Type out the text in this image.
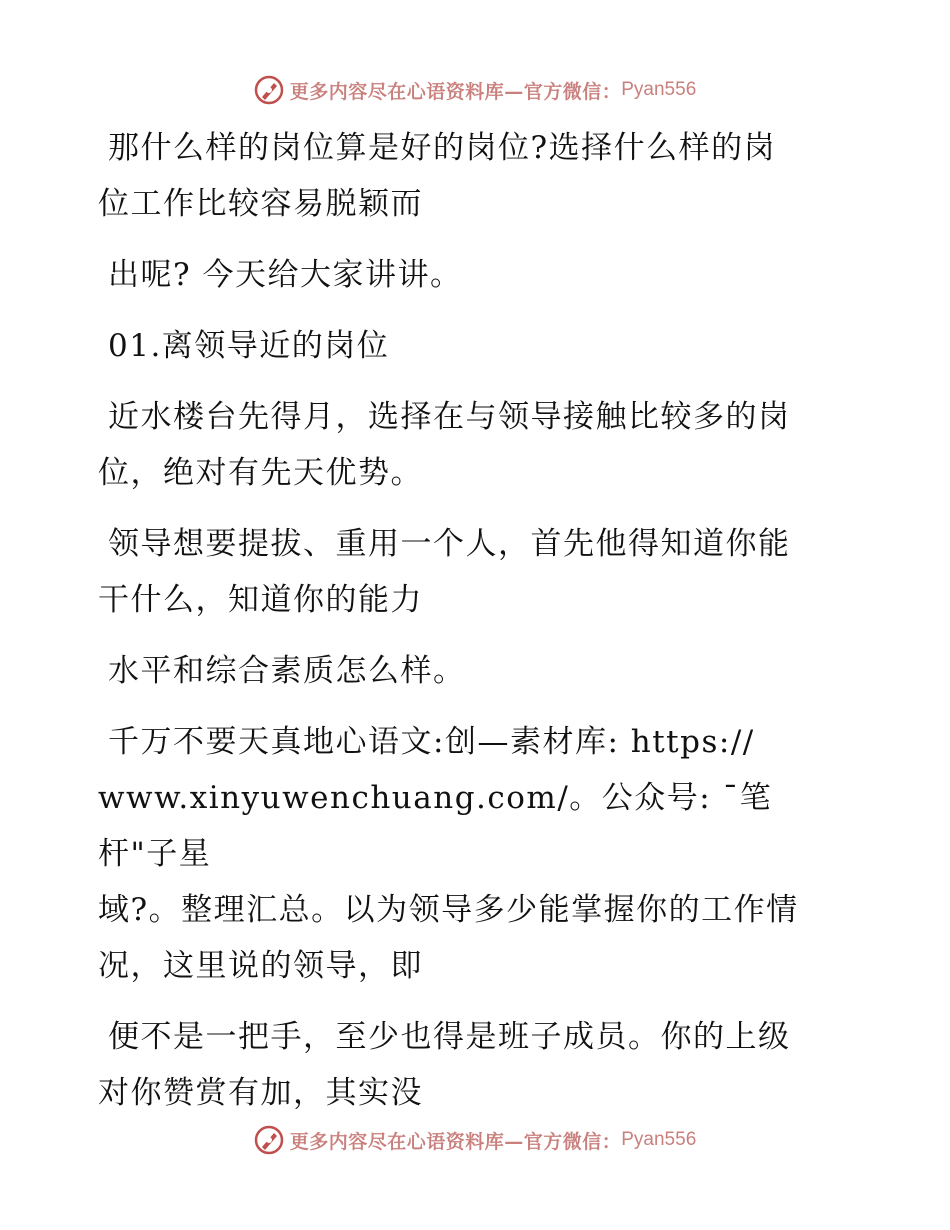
更多内容尽在心语资料库—官方微信： Pyan556

那什么样的岗位算是好的岗位?选择什么样的岗
位工作比较容易脱颖而

出呢? 今天给大家讲讲。

01.离领导近的岗位

近水楼台先得月，选择在与领导接触比较多的岗
位，绝对有先天优势。

领导想要提拔、重用一个人，首先他得知道你能
干什么，知道你的能力

水平和综合素质怎么样。

千万不要天真地心语文:创—素材库: https://
www.xinyuwenchuang.com/。公众号: ¯笔杆"子星
域?。整理汇总。以为领导多少能掌握你的工作情
况，这里说的领导，即

便不是一把手，至少也得是班子成员。你的上级
对你赞赏有加，其实没

更多内容尽在心语资料库—官方微信： Pyan556
